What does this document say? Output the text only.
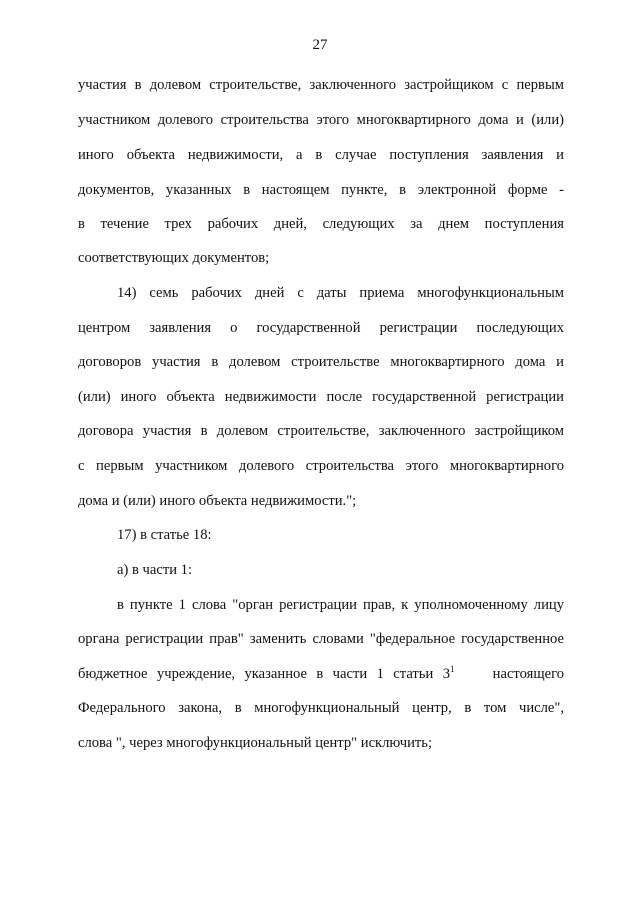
27
участия в долевом строительстве, заключенного застройщиком с первым
участником долевого строительства этого многоквартирного дома и (или)
иного объекта недвижимости, а в случае поступления заявления и
документов, указанных в настоящем пункте, в электронной форме -
в течение трех рабочих дней, следующих за днем поступления
соответствующих документов;
14) семь рабочих дней с даты приема многофункциональным
центром заявления о государственной регистрации последующих
договоров участия в долевом строительстве многоквартирного дома и
(или) иного объекта недвижимости после государственной регистрации
договора участия в долевом строительстве, заключенного застройщиком
с первым участником долевого строительства этого многоквартирного
дома и (или) иного объекта недвижимости.";
17) в статье 18:
а) в части 1:
в пункте 1 слова "орган регистрации прав, к уполномоченному лицу
органа регистрации прав" заменить словами "федеральное государственное
бюджетное учреждение, указанное в части 1 статьи $3^1$	настоящего
Федерального закона, в многофункциональный центр, в том числе",
слова ", через многофункциональный центр" исключить;
